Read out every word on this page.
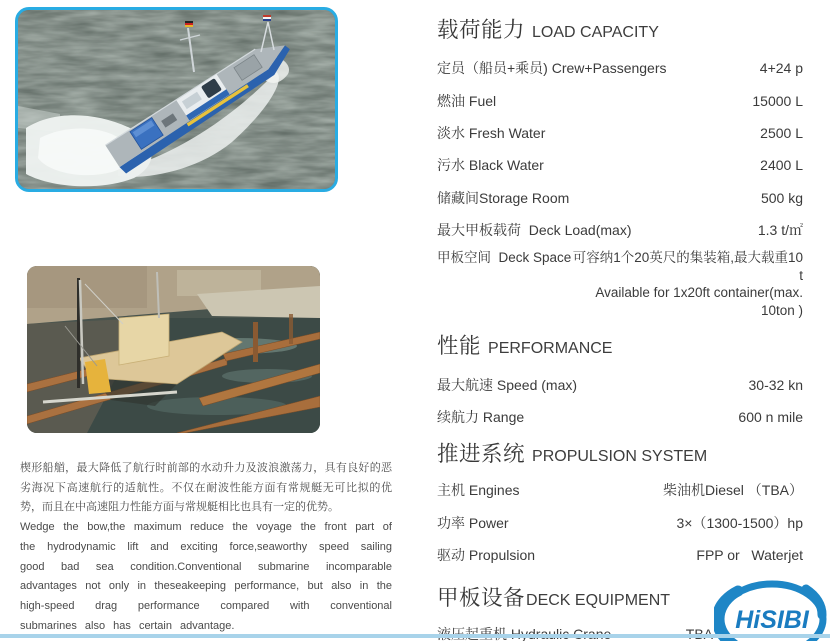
楔形船艏，最大降低了航行时前部的水动升力及波浪激荡力，具有良好的恶劣海况下高速航行的适航性。不仅在耐波性能方面有常规艇无可比拟的优势，而且在中高速阻力性能方面与常规艇相比也具有一定的优势。
Wedge the bow,the maximum reduce the voyage the front part of the hydrodynamic lift and exciting force,seaworthy speed sailing good bad sea condition.Conventional submarine incomparable advantages not only in theseakeeping performance, but also in the high-speed drag performance compared with conventional submarines also has certain advantage.
载荷能力 LOAD CAPACITY
定员（船员+乘员) Crew+Passengers	4+24 p
燃油 Fuel	15000 L
淡水 Fresh Water	2500 L
污水 Black Water	2400 L
储藏间Storage Room	500 kg
最大甲板载荷  Deck Load(max)	1.3 t/㎡
甲板空间  Deck Space 可容纳1个20英尺的集装箱,最大载重10 t
Available for 1x20ft container(max. 10ton )
性能 PERFORMANCE
最大航速 Speed (max)	30-32 kn
续航力 Range	600 n mile
推进系统 PROPULSION SYSTEM
主机 Engines	柴油机Diesel （TBA）
功率 Power	3×（1300-1500）hp
驱动 Propulsion	FPP or   Waterjet
甲板设备DECK EQUIPMENT
HiSIBI
